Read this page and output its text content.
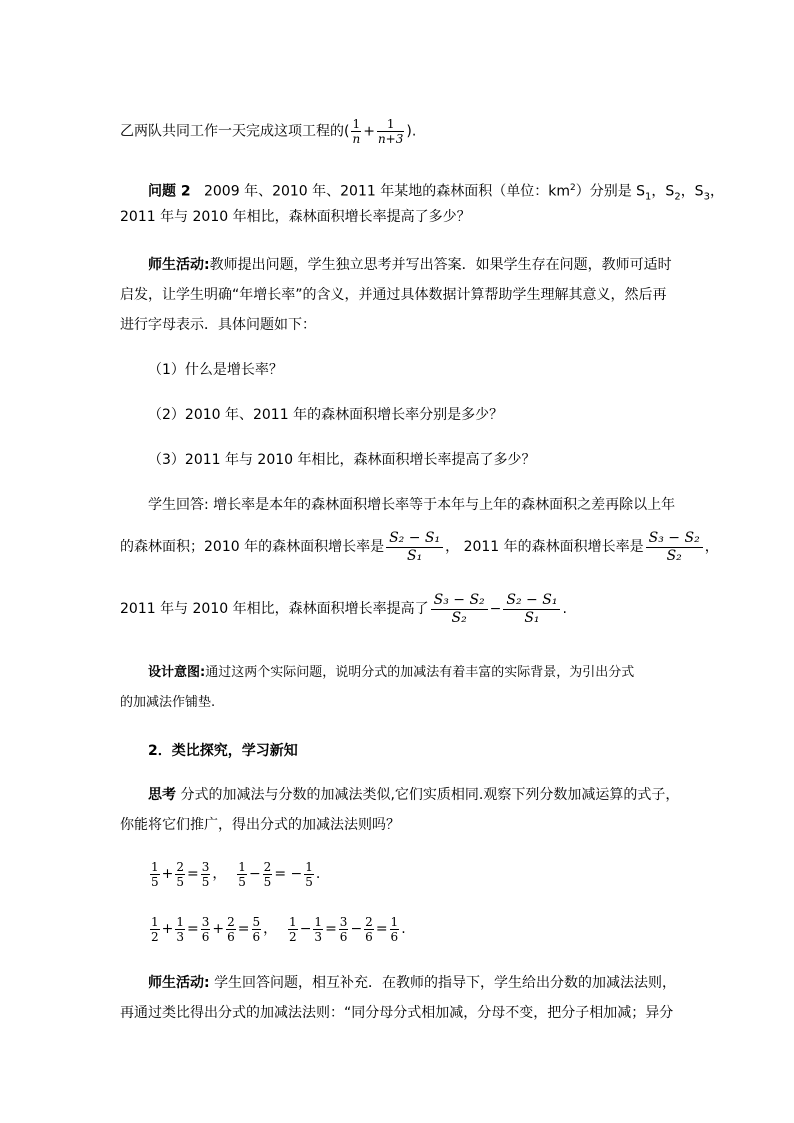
乙两队共同工作一天完成这项工程的( $\frac{1}{n} + \frac{1}{n+3}$ ).
问题 2 2009 年、2010 年、2011 年某地的森林面积（单位：$km^2$）分别是 $S_1$，$S_2$，$S_3$，
2011 年与 2010 年相比，森林面积增长率提高了多少？
师生活动:教师提出问题，学生独立思考并写出答案．如果学生存在问题，教师可适时
启发，让学生明确“年增长率”的含义，并通过具体数据计算帮助学生理解其意义，然后再
进行字母表示．具体问题如下：
（1）什么是增长率？
（2）2010 年、2011 年的森林面积增长率分别是多少？
（3）2011 年与 2010 年相比，森林面积增长率提高了多少？
学生回答: 增长率是本年的森林面积增长率等于本年与上年的森林面积之差再除以上年
的森林面积；2010 年的森林面积增长率是 $\frac{\text{S₂ − S₁}}{\text{S₁}}$ ， 2011 年的森林面积增长率是 $\frac{\text{S₃ − S₂}}{\text{S₂}}$ ，
2011 年与 2010 年相比，森林面积增长率提高了 $\frac{\text{S₃ − S₂}}{\text{S₂}} - \frac{\text{S₂ − S₁}}{\text{S₁}}$ .
设计意图:通过这两个实际问题，说明分式的加减法有着丰富的实际背景，为引出分式
的加减法作铺垫.
2．类比探究，学习新知
思考 分式的加减法与分数的加减法类似,它们实质相同.观察下列分数加减运算的式子，
你能将它们推广，得出分式的加减法法则吗？
$\frac{1}{5} + \frac{2}{5} = \frac{3}{5}$ ， $\frac{1}{5} - \frac{2}{5}$ = − $\frac{1}{5}$ .
$\frac{1}{2} + \frac{1}{3} = \frac{3}{6} + \frac{2}{6} = \frac{5}{6}$ ， $\frac{1}{2} - \frac{1}{3} = \frac{3}{6} - \frac{2}{6} = \frac{1}{6}$ .
师生活动: 学生回答问题，相互补充．在教师的指导下，学生给出分数的加减法法则，
再通过类比得出分式的加减法法则：“同分母分式相加减，分母不变，把分子相加减；异分
